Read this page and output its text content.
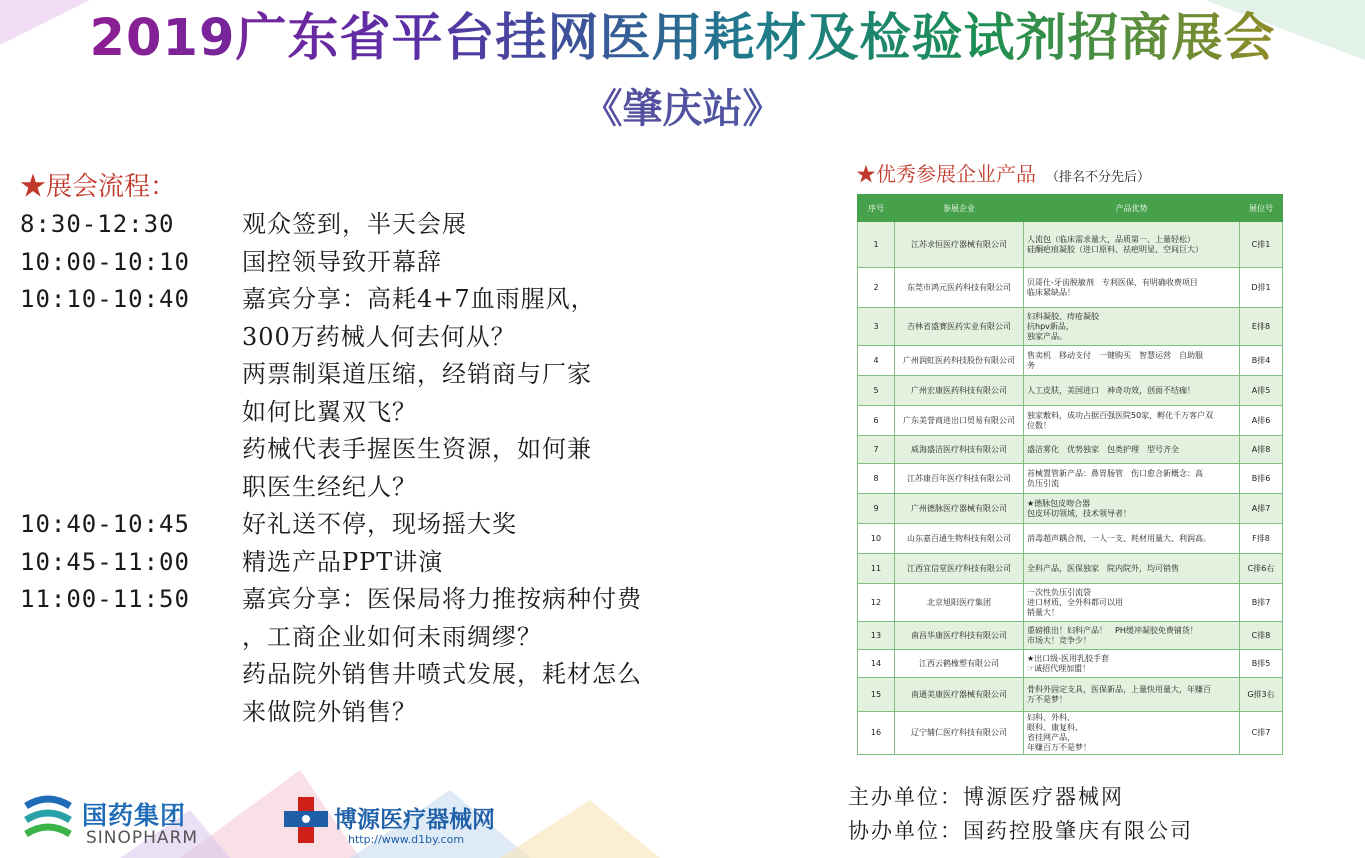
2019广东省平台挂网医用耗材及检验试剂招商展会
《肇庆站》
★展会流程：
8:30-12:30	观众签到，半天会展
10:00-10:10	国控领导致开幕辞
10:10-10:40	嘉宾分享：高耗4+7血雨腥风，
300万药械人何去何从？
两票制渠道压缩，经销商与厂家
如何比翼双飞？
药械代表手握医生资源，如何兼
职医生经纪人？
10:40-10:45	好礼送不停，现场摇大奖
10:45-11:00	精选产品PPT讲演
11:00-11:50	嘉宾分享：医保局将力推按病种付费
，工商企业如何未雨绸缪？
药品院外销售井喷式发展，耗材怎么
来做院外销售？
★优秀参展企业产品 （排名不分先后）
序号	参展企业	产品优势	展位号
1	江苏求恒医疗器械有限公司	人流包（临床需求量大，品质第一、上量轻松）
硅酮疤痕凝胶（进口原料、祛疤明显、空间巨大）	C排1
2	东莞市鸿元医药科技有限公司	贝哥仕-牙齿脱敏剂　专利医保、有明确收费项目
临床紧缺品！	D排1
3	吉林省盛赛医药实业有限公司	妇科凝胶、痔疮凝胶
抗hpv新品，
独家产品。	E排8
4	广州润虹医药科技股份有限公司	售卖机　移动支付　一键购买　智慧运营　自助服
务	B排4
5	广州宏康医药科技有限公司	人工皮肤，美国进口　神奇功效，创面不结痂！	A排5
6	广东美誉商进出口贸易有限公司	独家敷料，成功占据百强医院50家，孵化千万客户双
位数！	A排6
7	威海盛洁医疗科技有限公司	盛洁雾化　优势独家　包类护理　型号齐全	A排8
8	江苏康百年医疗科技有限公司	首械置管新产品：鼻胃肠管　伤口愈合新概念：高
负压引流	B排6
9	广州德脉医疗器械有限公司	★德脉包皮吻合器
包皮环切领域，技术领导者！	A排7
10	山东嘉百通生物科技有限公司	消毒超声耦合剂、一人一支、耗材用量大、利润高。	F排8
11	江西宜信堂医疗科技有限公司	全科产品，医保独家　院内院外，均可销售	C排6右
12	北京旭阳医疗集团	一次性负压引流袋
进口材质，全外科都可以用
销量大！	B排7
13	南昌华康医疗科技有限公司	重磅推出！妇科产品！　PH缓冲凝胶免费铺货！
市场大！竞争少！	C排8
14	江西云鹤橡塑有限公司	★出口级-医用乳胶手套
☞诚招代理加盟！	B排5
15	南通美康医疗器械有限公司	骨科外固定支具，医保新品，上量快用量大，年赚百
万不是梦！	G排3右
16	辽宁辅仁医疗科技有限公司	妇科、外科、
眼科、康复科、
省挂网产品，
年赚百万不是梦！	C排7
主办单位：博源医疗器械网
协办单位：国药控股肇庆有限公司
国药集团
SINOPHARM
博源医疗器械网
http://www.d1by.com
